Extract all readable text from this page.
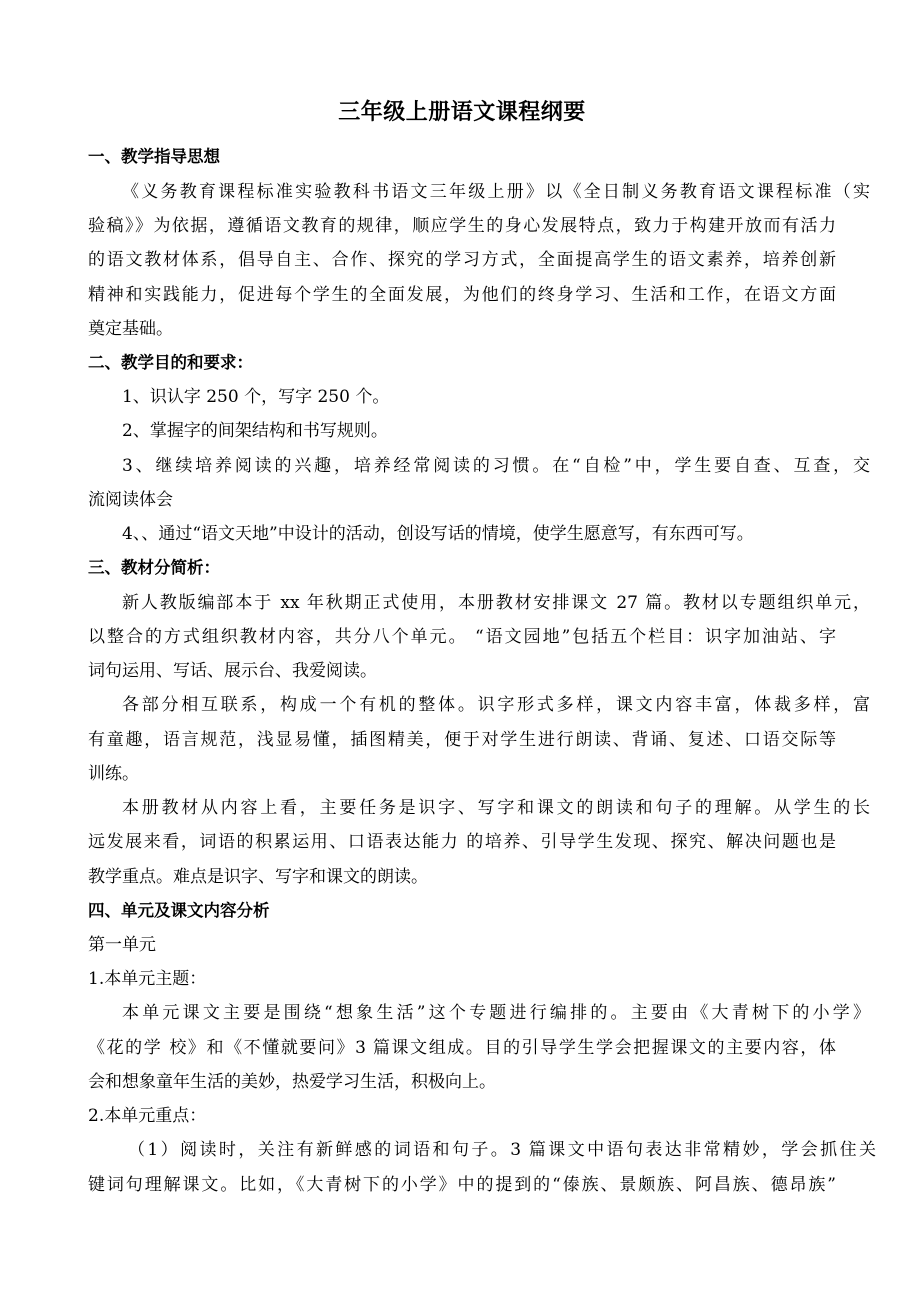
三年级上册语文课程纲要
一、教学指导思想
《义务教育课程标准实验教科书语文三年级上册》以《全日制义务教育语文课程标准（实
验稿》》为依据，遵循语文教育的规律，顺应学生的身心发展特点，致力于构建开放而有活力
的语文教材体系，倡导自主、合作、探究的学习方式，全面提高学生的语文素养，培养创新
精神和实践能力，促进每个学生的全面发展，为他们的终身学习、生活和工作，在语文方面
奠定基础。
二、教学目的和要求：
1、识认字 250 个，写字 250 个。
2、掌握字的间架结构和书写规则。
3、继续培养阅读的兴趣，培养经常阅读的习惯。在“自检”中，学生要自查、互查，交
流阅读体会
4、、通过“语文天地”中设计的活动，创设写话的情境，使学生愿意写，有东西可写。
三、教材分简析：
新人教版编部本于 xx 年秋期正式使用，本册教材安排课文 27 篇。教材以专题组织单元，
以整合的方式组织教材内容，共分八个单元。 “语文园地”包括五个栏目：识字加油站、字
词句运用、写话、展示台、我爱阅读。
各部分相互联系，构成一个有机的整体。识字形式多样，课文内容丰富，体裁多样，富
有童趣，语言规范，浅显易懂，插图精美，便于对学生进行朗读、背诵、复述、口语交际等
训练。
本册教材从内容上看，主要任务是识字、写字和课文的朗读和句子的理解。从学生的长
远发展来看，词语的积累运用、口语表达能力 的培养、引导学生发现、探究、解决问题也是
教学重点。难点是识字、写字和课文的朗读。
四、单元及课文内容分析
第一单元
1.本单元主题：
本单元课文主要是围绕“想象生活”这个专题进行编排的。主要由《大青树下的小学》
《花的学 校》和《不懂就要问》3 篇课文组成。目的引导学生学会把握课文的主要内容，体
会和想象童年生活的美妙，热爱学习生活，积极向上。
2.本单元重点：
（1）阅读时，关注有新鲜感的词语和句子。3 篇课文中语句表达非常精妙，学会抓住关
键词句理解课文。比如，《大青树下的小学》中的提到的“傣族、景颇族、阿昌族、德昂族”
